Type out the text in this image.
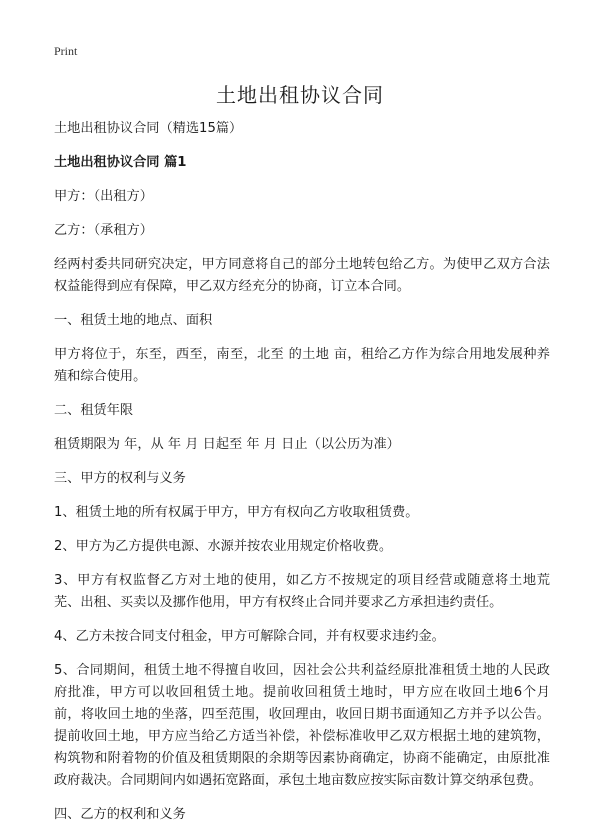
Print
土地出租协议合同

土地出租协议合同（精选15篇）

土地出租协议合同 篇1

甲方：（出租方）

乙方：（承租方）

经两村委共同研究决定，甲方同意将自己的部分土地转包给乙方。为使甲乙双方合法权益能得到应有保障，甲乙双方经充分的协商，订立本合同。

一、租赁土地的地点、面积

甲方将位于，东至，西至，南至，北至 的土地 亩，租给乙方作为综合用地发展种养殖和综合使用。

二、租赁年限

租赁期限为 年，从 年 月 日起至 年 月 日止（以公历为准）

三、甲方的权利与义务

1、租赁土地的所有权属于甲方，甲方有权向乙方收取租赁费。

2、甲方为乙方提供电源、水源并按农业用规定价格收费。

3、甲方有权监督乙方对土地的使用，如乙方不按规定的项目经营或随意将土地荒芜、出租、买卖以及挪作他用，甲方有权终止合同并要求乙方承担违约责任。

4、乙方未按合同支付租金，甲方可解除合同，并有权要求违约金。

5、合同期间，租赁土地不得擅自收回，因社会公共利益经原批准租赁土地的人民政府批准，甲方可以收回租赁土地。提前收回租赁土地时，甲方应在收回土地6个月前，将收回土地的坐落，四至范围，收回理由，收回日期书面通知乙方并予以公告。提前收回土地，甲方应当给乙方适当补偿，补偿标准收甲乙双方根据土地的建筑物，构筑物和附着物的价值及租赁期限的余期等因素协商确定，协商不能确定，由原批准政府裁决。合同期间内如遇拓宽路面，承包土地亩数应按实际亩数计算交纳承包费。

四、乙方的权利和义务
